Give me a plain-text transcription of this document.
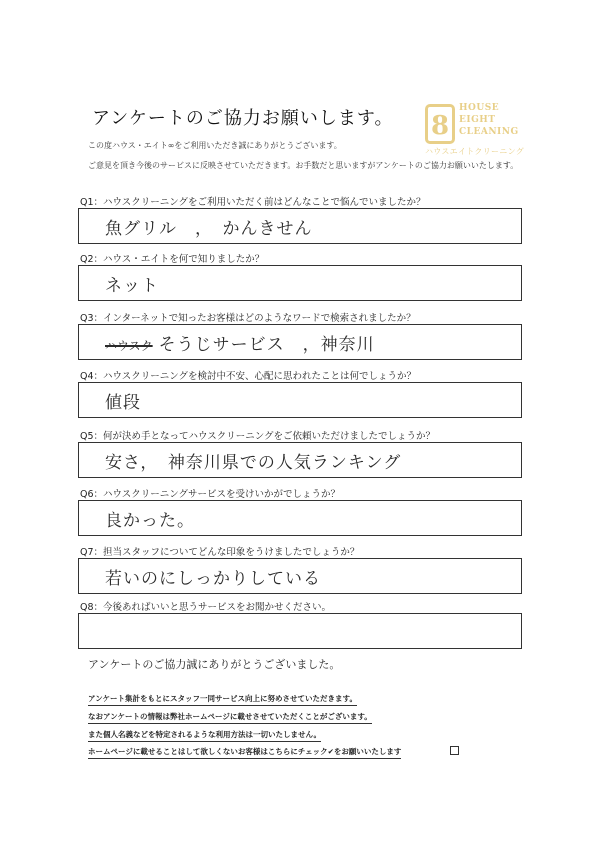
アンケートのご協力お願いします。 8
HOUSE
EIGHT
CLEANING
ハウスエイトクリーニング
この度ハウス・エイト∞をご利用いただき誠にありがとうございます。
ご意見を頂き今後のサービスに反映させていただきます。お手数だと思いますがアンケートのご協力お願いいたします。
Q1：ハウスクリーニングをご利用いただく前はどんなことで悩んでいましたか？
魚グリル　，　かんきせん
Q2：ハウス・エイトを何で知りましたか？
ネット
Q3：インターネットで知ったお客様はどのようなワードで検索されましたか？
ハウスク そうじサービス　，神奈川
Q4：ハウスクリーニングを検討中不安、心配に思われたことは何でしょうか？
値段
Q5：何が決め手となってハウスクリーニングをご依頼いただけましたでしょうか？
安さ，　神奈川県での人気ランキング
Q6：ハウスクリーニングサービスを受けいかがでしょうか？
良かった。
Q7：担当スタッフについてどんな印象をうけましたでしょうか？
若いのにしっかりしている
Q8：今後あればいいと思うサービスをお聞かせください。
アンケートのご協力誠にありがとうございました。
アンケート集計をもとにスタッフ一同サービス向上に努めさせていただきます。
なおアンケートの情報は弊社ホームページに載せさせていただくことがございます。
また個人名義などを特定されるような利用方法は一切いたしません。
ホームページに載せることはして欲しくないお客様はこちらにチェック✔をお願いいたします
